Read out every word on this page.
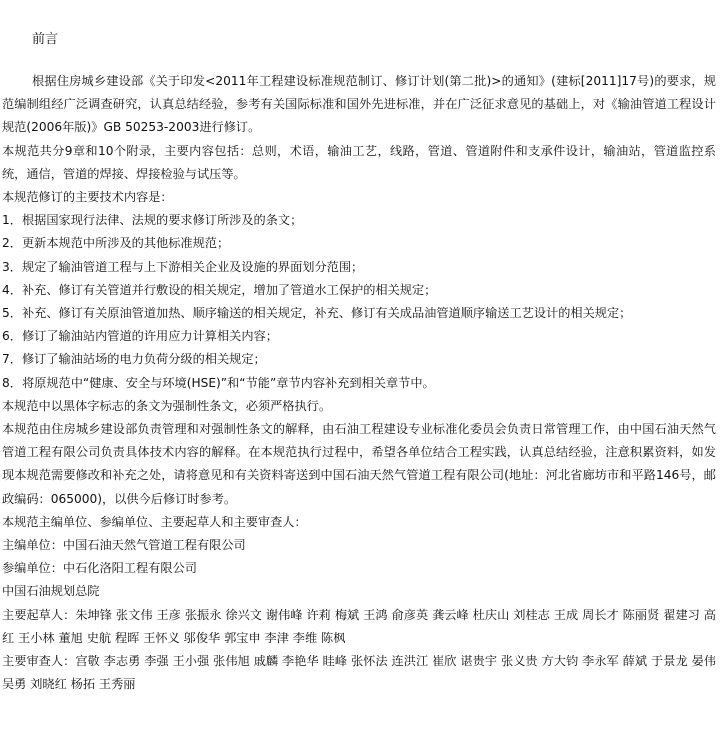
前言

根据住房城乡建设部《关于印发<2011年工程建设标准规范制订、修订计划(第二批)>的通知》(建标[2011]17号)的要求，规范编制组经广泛调查研究，认真总结经验，参考有关国际标准和国外先进标准，并在广泛征求意见的基础上，对《输油管道工程设计规范(2006年版)》GB 50253-2003进行修订。

本规范共分9章和10个附录，主要内容包括：总则，术语，输油工艺，线路，管道、管道附件和支承件设计，输油站，管道监控系统，通信，管道的焊接、焊接检验与试压等。

本规范修订的主要技术内容是：

1．根据国家现行法律、法规的要求修订所涉及的条文；

2．更新本规范中所涉及的其他标准规范；

3．规定了输油管道工程与上下游相关企业及设施的界面划分范围；

4．补充、修订有关管道并行敷设的相关规定，增加了管道水工保护的相关规定；

5．补充、修订有关原油管道加热、顺序输送的相关规定，补充、修订有关成品油管道顺序输送工艺设计的相关规定；

6．修订了输油站内管道的许用应力计算相关内容；

7．修订了输油站场的电力负荷分级的相关规定；

8．将原规范中“健康、安全与环境(HSE)”和“节能”章节内容补充到相关章节中。

本规范中以黑体字标志的条文为强制性条文，必须严格执行。

本规范由住房城乡建设部负责管理和对强制性条文的解释，由石油工程建设专业标准化委员会负责日常管理工作，由中国石油天然气管道工程有限公司负责具体技术内容的解释。在本规范执行过程中，希望各单位结合工程实践，认真总结经验，注意积累资料，如发现本规范需要修改和补充之处，请将意见和有关资料寄送到中国石油天然气管道工程有限公司(地址：河北省廊坊市和平路146号，邮政编码：065000)，以供今后修订时参考。

本规范主编单位、参编单位、主要起草人和主要审查人：

主编单位：中国石油天然气管道工程有限公司

参编单位：中石化洛阳工程有限公司

中国石油规划总院

主要起草人：朱坤锋 张文伟 王彦 张振永 徐兴文 谢伟峰 许莉 梅斌 王鸿 俞彦英 龚云峰 杜庆山 刘桂志 王成 周长才 陈丽贤 翟建习 高红 王小林 董旭 史航 程晖 王怀义 邬俊华 郭宝申 李津 李维 陈枫

主要审查人：宫敬 李志勇 李强 王小强 张伟旭 戚麟 李艳华 眭峰 张怀法 连洪江 崔欣 谌贵宇 张义贵 方大钧 李永军 薛斌 于景龙 晏伟 吴勇 刘晓红 杨拓 王秀丽
